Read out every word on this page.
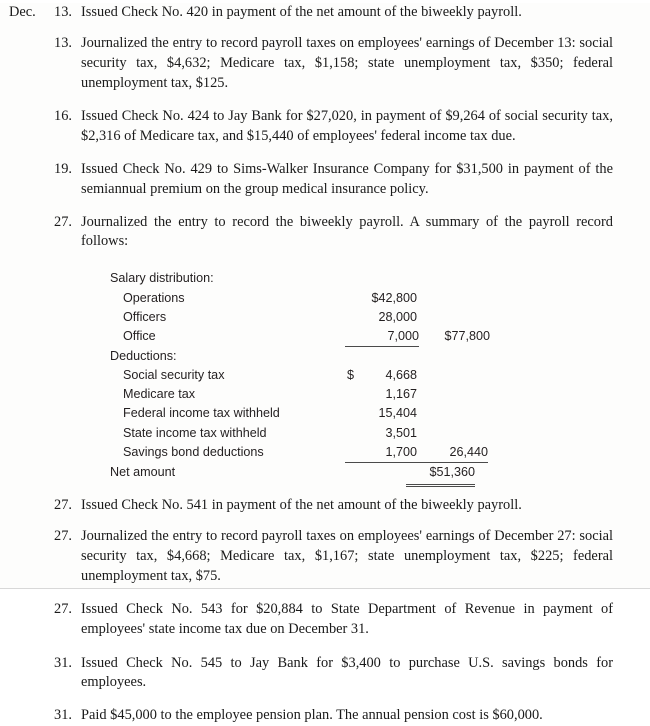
Dec.	13. Issued Check No. 420 in payment of the net amount of the biweekly payroll.
13. Journalized the entry to record payroll taxes on employees' earnings of December 13: social security tax, $4,632; Medicare tax, $1,158; state unemployment tax, $350; federal unemployment tax, $125.
16. Issued Check No. 424 to Jay Bank for $27,020, in payment of $9,264 of social security tax, $2,316 of Medicare tax, and $15,440 of employees' federal income tax due.
19. Issued Check No. 429 to Sims-Walker Insurance Company for $31,500 in payment of the semiannual premium on the group medical insurance policy.
27. Journalized the entry to record the biweekly payroll. A summary of the payroll record follows:
Salary distribution:
Operations	$42,800
Officers	28,000
Office	7,000	$77,800
Deductions:
Social security tax	$ 4,668
Medicare tax	1,167
Federal income tax withheld	15,404
State income tax withheld	3,501
Savings bond deductions	1,700	26,440
Net amount	$51,360
27. Issued Check No. 541 in payment of the net amount of the biweekly payroll.
27. Journalized the entry to record payroll taxes on employees' earnings of December 27: social security tax, $4,668; Medicare tax, $1,167; state unemployment tax, $225; federal unemployment tax, $75.
27. Issued Check No. 543 for $20,884 to State Department of Revenue in payment of employees' state income tax due on December 31.
31. Issued Check No. 545 to Jay Bank for $3,400 to purchase U.S. savings bonds for employees.
31. Paid $45,000 to the employee pension plan. The annual pension cost is $60,000.
